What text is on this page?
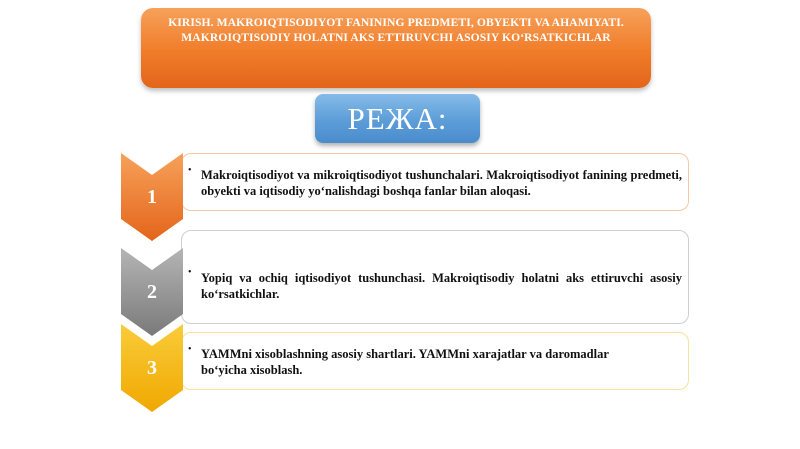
KIRISH. MAKROIQTISODIYOT FANINING PREDMETI, OBYEKTI VA AHAMIYATI. MAKROIQTISODIY HOLATNI AKS ETTIRUVCHI ASOSIY KO‘RSATKICHLAR
РЕЖА:
• Makroiqtisodiyot va mikroiqtisodiyot tushunchalari. Makroiqtisodiyot fanining predmeti, obyekti va iqtisodiy yo‘nalishdagi boshqa fanlar bilan aloqasi.
1
• Yopiq va ochiq iqtisodiyot tushunchasi. Makroiqtisodiy holatni aks ettiruvchi asosiy ko‘rsatkichlar.
2
• YAMMni xisoblashning asosiy shartlari. YAMMni xarajatlar va daromadlar bo‘yicha xisoblash.
3
